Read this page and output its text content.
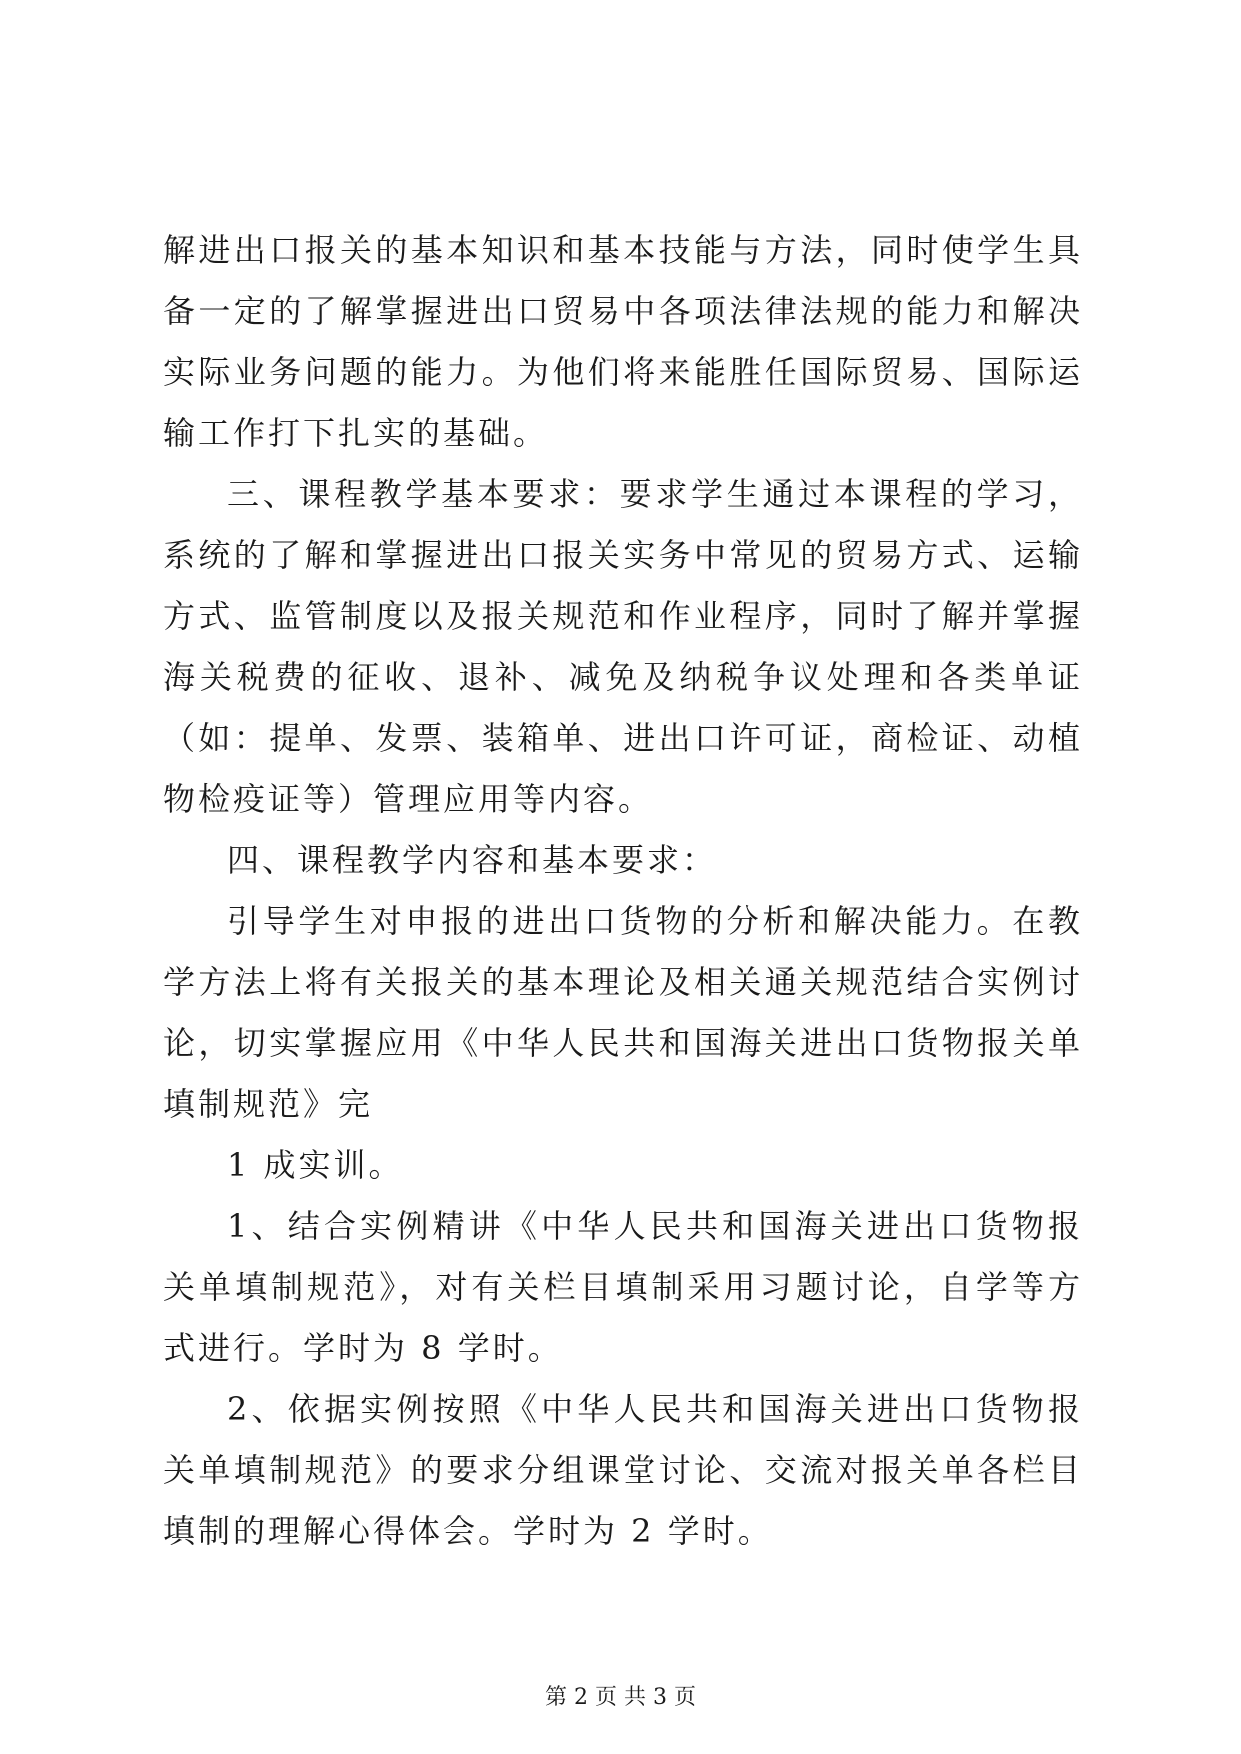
解进出口报关的基本知识和基本技能与方法，同时使学生具备一定的了解掌握进出口贸易中各项法律法规的能力和解决实际业务问题的能力。为他们将来能胜任国际贸易、国际运输工作打下扎实的基础。

三、课程教学基本要求：要求学生通过本课程的学习，系统的了解和掌握进出口报关实务中常见的贸易方式、运输方式、监管制度以及报关规范和作业程序，同时了解并掌握海关税费的征收、退补、减免及纳税争议处理和各类单证（如：提单、发票、装箱单、进出口许可证，商检证、动植物检疫证等）管理应用等内容。

四、课程教学内容和基本要求：

引导学生对申报的进出口货物的分析和解决能力。在教学方法上将有关报关的基本理论及相关通关规范结合实例讨论，切实掌握应用《中华人民共和国海关进出口货物报关单填制规范》完

1 成实训。

1、结合实例精讲《中华人民共和国海关进出口货物报关单填制规范》，对有关栏目填制采用习题讨论，自学等方式进行。学时为 8 学时。

2、依据实例按照《中华人民共和国海关进出口货物报关单填制规范》的要求分组课堂讨论、交流对报关单各栏目填制的理解心得体会。学时为 2 学时。

第 2 页 共 3 页
